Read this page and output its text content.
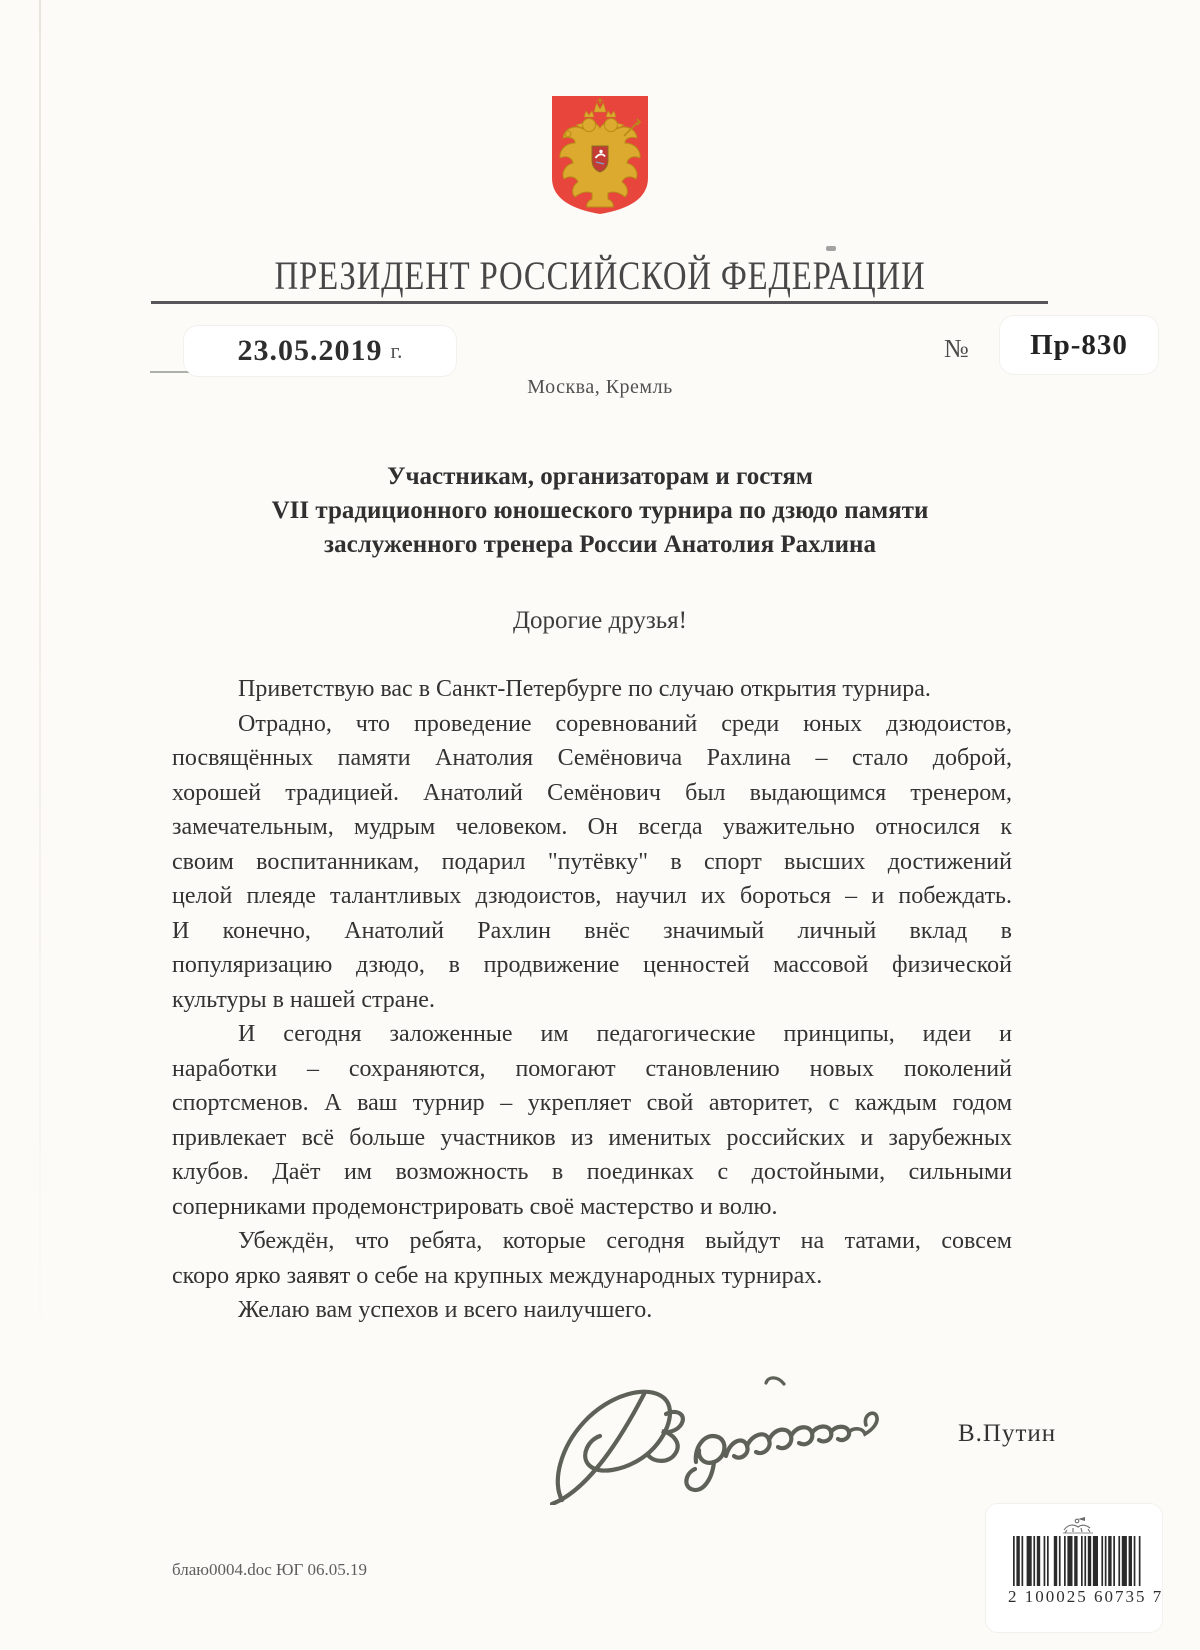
ПРЕЗИДЕНТ РОССИЙСКОЙ ФЕДЕРАЦИИ
23.05.2019 г.	№ Пр-830
Москва, Кремль
Участникам, организаторам и гостям
VII традиционного юношеского турнира по дзюдо памяти
заслуженного тренера России Анатолия Рахлина
Дорогие друзья!
Приветствую вас в Санкт-Петербурге по случаю открытия турнира.
Отрадно, что проведение соревнований среди юных дзюдоистов,
посвящённых памяти Анатолия Семёновича Рахлина – стало доброй,
хорошей традицией. Анатолий Семёнович был выдающимся тренером,
замечательным, мудрым человеком. Он всегда уважительно относился к
своим воспитанникам, подарил "путёвку" в спорт высших достижений
целой плеяде талантливых дзюдоистов, научил их бороться – и побеждать.
И конечно, Анатолий Рахлин внёс значимый личный вклад в
популяризацию дзюдо, в продвижение ценностей массовой физической
культуры в нашей стране.
И сегодня заложенные им педагогические принципы, идеи и
наработки – сохраняются, помогают становлению новых поколений
спортсменов. А ваш турнир – укрепляет свой авторитет, с каждым годом
привлекает всё больше участников из именитых российских и зарубежных
клубов. Даёт им возможность в поединках с достойными, сильными
соперниками продемонстрировать своё мастерство и волю.
Убеждён, что ребята, которые сегодня выйдут на татами, совсем
скоро ярко заявят о себе на крупных международных турнирах.
Желаю вам успехов и всего наилучшего.
В.Путин
2 100025 60735 7
блаю0004.doc ЮГ 06.05.19
